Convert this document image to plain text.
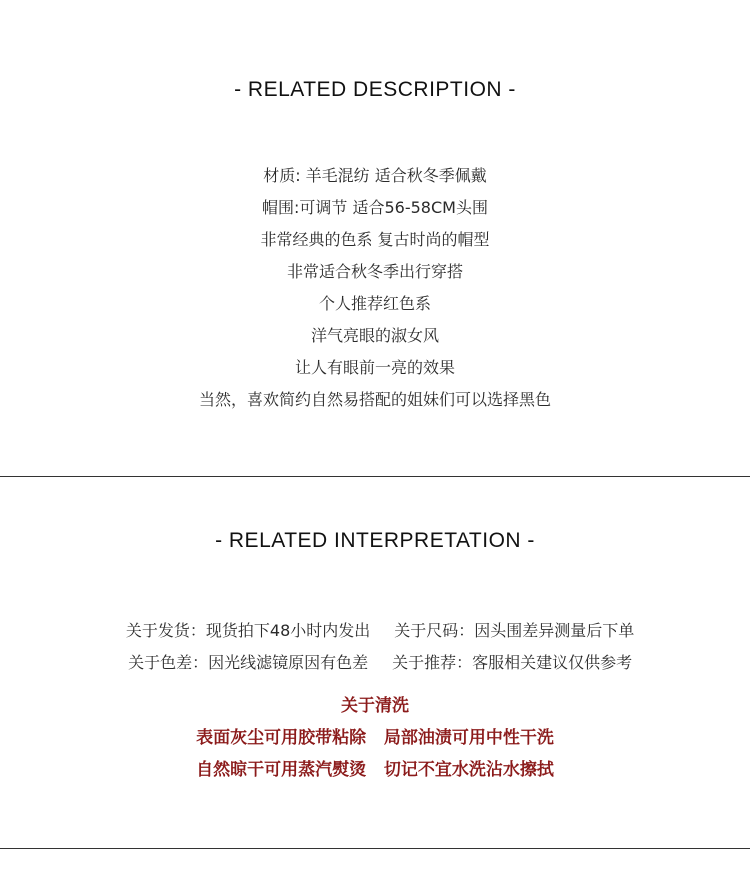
- RELATED DESCRIPTION -
材质: 羊毛混纺 适合秋冬季佩戴
帽围:可调节 适合56-58CM头围
非常经典的色系 复古时尚的帽型
非常适合秋冬季出行穿搭
个人推荐红色系
洋气亮眼的淑女风
让人有眼前一亮的效果
当然，喜欢简约自然易搭配的姐妹们可以选择黑色
- RELATED INTERPRETATION -

关于发货：现货拍下48小时内发出 关于尺码：因头围差异测量后下单

关于色差：因光线滤镜原因有色差 关于推荐：客服相关建议仅供参考

关于清洗
表面灰尘可用胶带粘除   局部油渍可用中性干洗
自然晾干可用蒸汽熨烫   切记不宜水洗沾水擦拭
